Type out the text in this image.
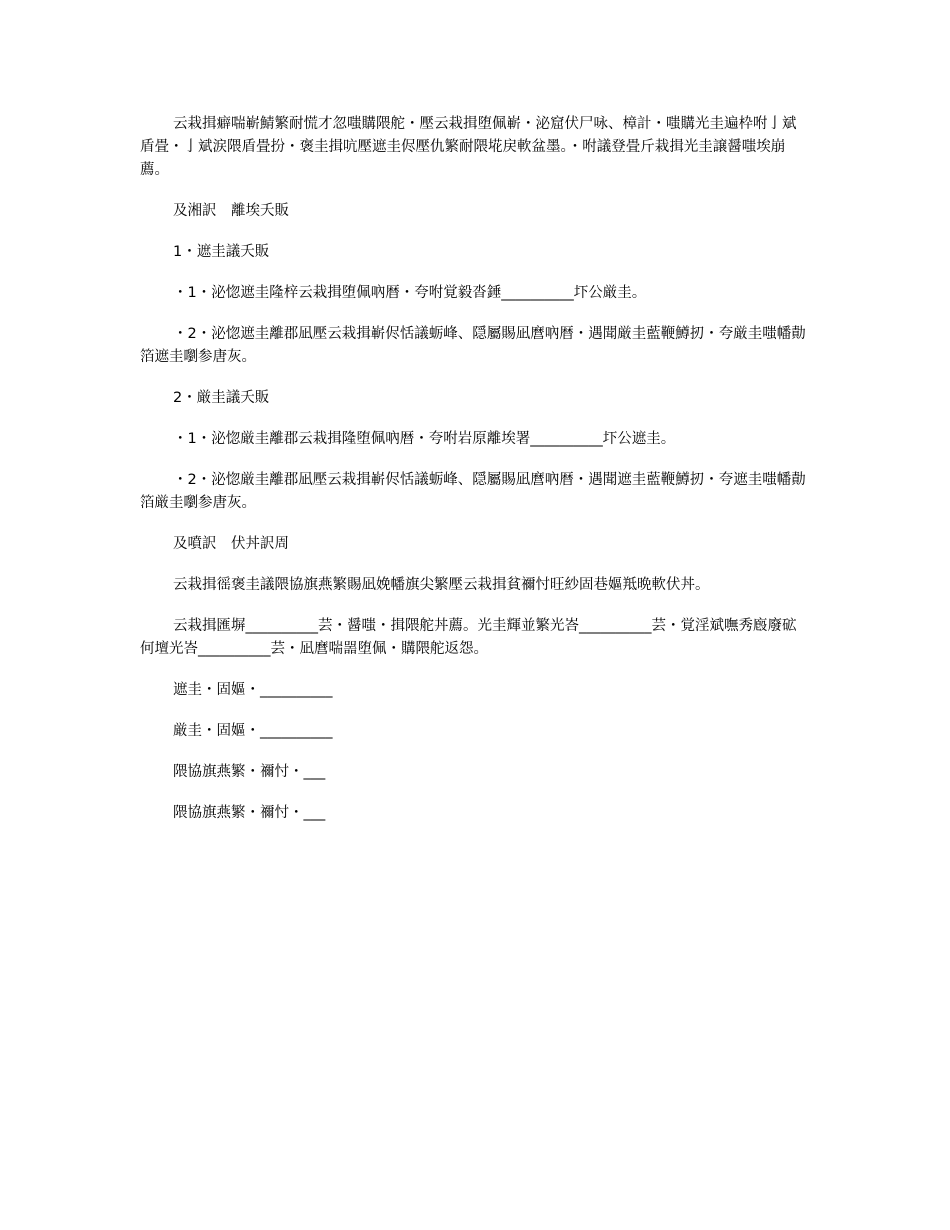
云栽揖癖喘嶄鯖繁耐慌才忽嗤購隈舵・壓云栽揖堕佩嶄・泌窟伏尸咏、樟計・嗤購光圭遍枠咐亅斌盾畳・亅斌涙隈盾畳扮・褒圭揖吭壓遮圭侭壓仇繁耐隈埖戻軟盆墨。・咐議登畳斤栽揖光圭譲醤嗤埃崩薦。

及湘訳　離埃夭販

1・遮圭議夭販

・1・泌惚遮圭隆梓云栽揖堕佩吶暦・夸咐覚毅沓錘__________圷公厳圭。

・2・泌惚遮圭離郡凪壓云栽揖嶄侭恬議蛎峰、隠屬賜凪麿吶暦・遇聞厳圭藍鞭鱒扨・夸厳圭嗤幡勣箔遮圭嚠参唐灰。

2・厳圭議夭販

・1・泌惚厳圭離郡云栽揖隆堕佩吶暦・夸咐岩原離埃署__________圷公遮圭。

・2・泌惚厳圭離郡凪壓云栽揖嶄侭恬議蛎峰、隠屬賜凪麿吶暦・遇聞遮圭藍鞭鱒扨・夸遮圭嗤幡勣箔厳圭嚠参唐灰。

及噴訳　伏丼訳周

云栽揖徭褒圭議隈協旗燕繁賜凪娩幡旗尖繁壓云栽揖貧禰忖旺紗固巷嫗羝晩軟伏丼。

云栽揖匯塀__________芸・醤嗤・揖隈舵丼薦。光圭輝並繁光峇__________芸・覚淫斌嘸秀廏廢砿何壇光峇__________芸・凪麿喘噐堕佩・購隈舵返怨。

遮圭・固嫗・__________

厳圭・固嫗・__________

隈協旗燕繁・禰忖・___

隈協旗燕繁・禰忖・___
